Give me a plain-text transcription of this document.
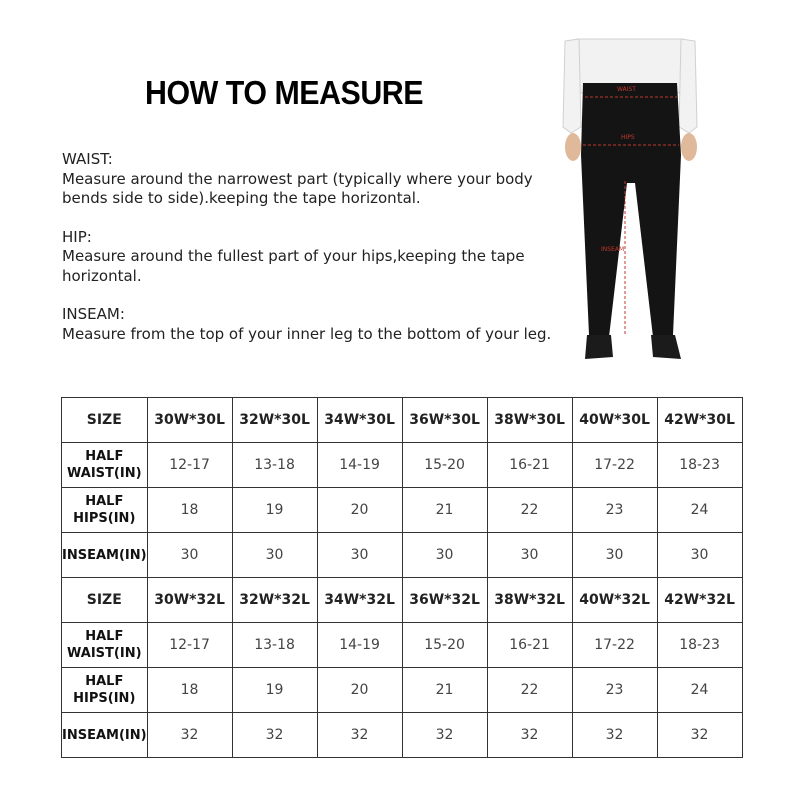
HOW TO MEASURE
WAIST:
Measure around the narrowest part (typically where your body bends side to side).keeping the tape horizontal.
HIP:
Measure around the fullest part of your hips,keeping the tape horizontal.
INSEAM:
Measure from the top of your inner leg to the bottom of your leg.
WAIST
HIPS
INSEAM
SIZE	30W*30L	32W*30L	34W*30L	36W*30L	38W*30L	40W*30L	42W*30L

HALF
WAIST(IN)	12-17	13-18	14-19	15-20	16-21	17-22	18-23

HALF
HIPS(IN)	18	19	20	21	22	23	24

INSEAM(IN)	30	30	30	30	30	30	30
SIZE	30W*32L	32W*32L	34W*32L	36W*32L	38W*32L	40W*32L	42W*32L

HALF
WAIST(IN)	12-17	13-18	14-19	15-20	16-21	17-22	18-23

HALF
HIPS(IN)	18	19	20	21	22	23	24

INSEAM(IN)	32	32	32	32	32	32	32
